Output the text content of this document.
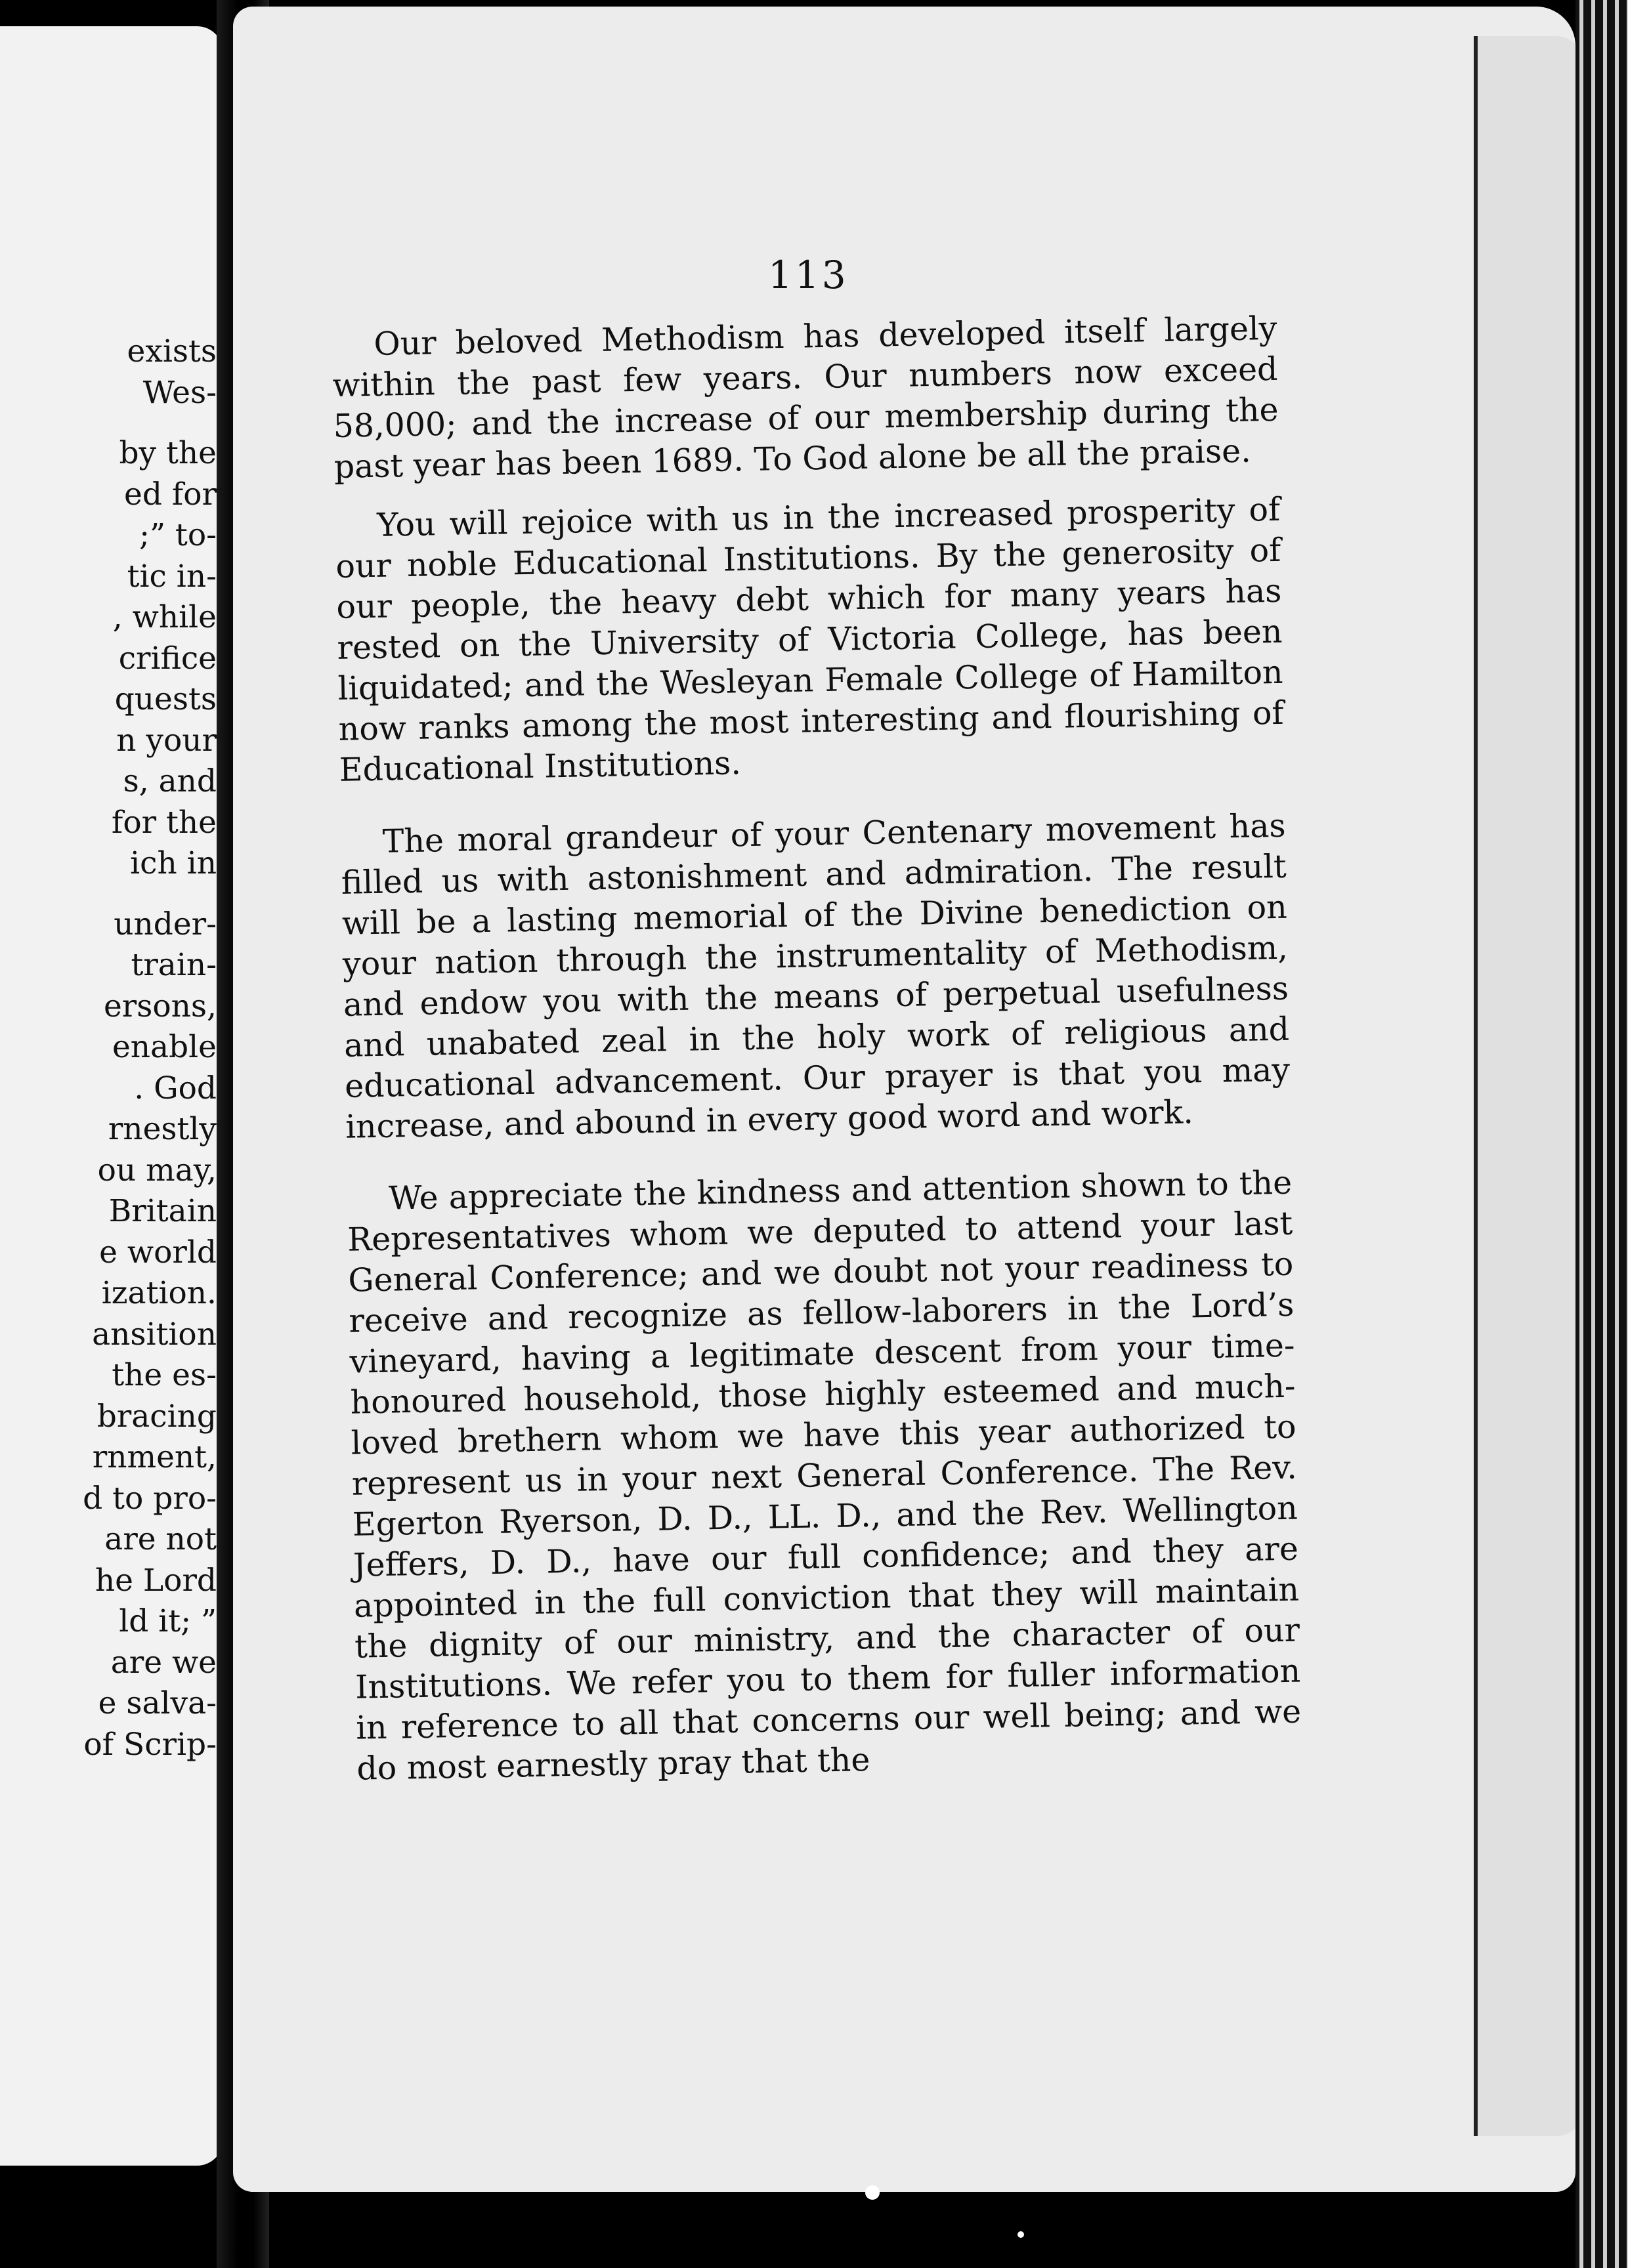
exists
Wes-
by the
ed for
;” to-
tic in-
, while
crifice
quests
n your
s, and
for the
ich in
under-
train-
ersons,
enable
. God
rnestly
ou may,
Britain
e world
ization.
ansition
the es-
bracing
rnment,
d to pro-
are not
he Lord
ld it; ”
are we
e salva-
of Scrip-
113

Our beloved Methodism has developed itself largely within the past few years. Our numbers now exceed 58,000; and the increase of our membership during the past year has been 1689. To God alone be all the praise.

You will rejoice with us in the increased prosperity of our noble Educational Institutions. By the generosity of our people, the heavy debt which for many years has rested on the University of Victoria College, has been liquidated; and the Wesleyan Female College of Hamilton now ranks among the most interesting and flourishing of Educational Institutions.

The moral grandeur of your Centenary movement has filled us with astonishment and admiration. The result will be a lasting memorial of the Divine benediction on your nation through the instrumentality of Methodism, and endow you with the means of perpetual usefulness and unabated zeal in the holy work of religious and educational advancement. Our prayer is that you may increase, and abound in every good word and work.

We appreciate the kindness and attention shown to the Representatives whom we deputed to attend your last General Conference; and we doubt not your readiness to receive and recognize as fellow-laborers in the Lord’s vineyard, having a legitimate descent from your time-honoured household, those highly esteemed and much-loved brethern whom we have this year authorized to represent us in your next General Conference. The Rev. Egerton Ryerson, D. D., LL. D., and the Rev. Wellington Jeffers, D. D., have our full confidence; and they are appointed in the full conviction that they will maintain the dignity of our ministry, and the character of our Institutions. We refer you to them for fuller information in reference to all that concerns our well being; and we do most earnestly pray that the
